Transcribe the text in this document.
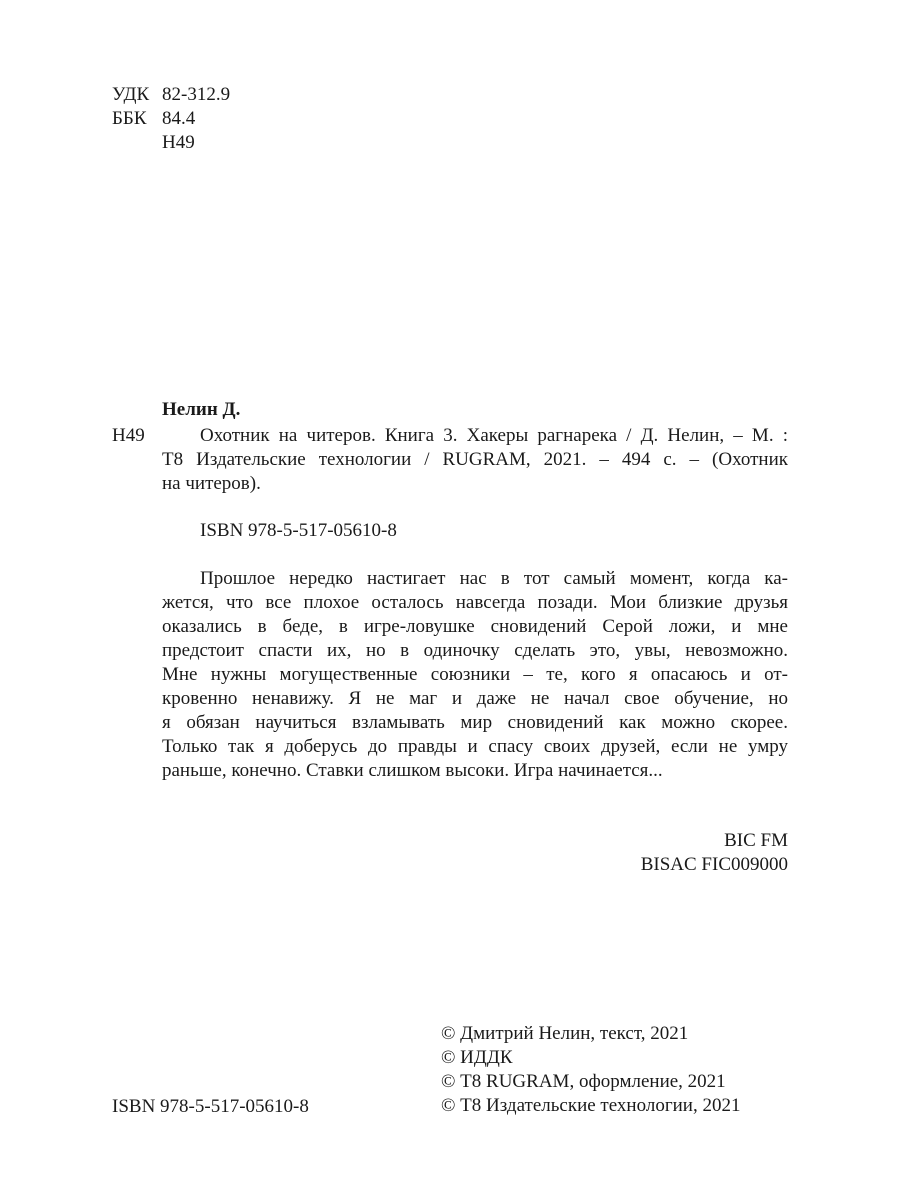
УДК 82-312.9
ББК 84.4
Н49
Нелин Д.
Н49	Охотник на читеров. Книга 3. Хакеры рагнарека / Д. Нелин, – М. :
Т8 Издательские технологии / RUGRAM, 2021. – 494 с. – (Охотник
на читеров).
ISBN 978-5-517-05610-8
Прошлое нередко настигает нас в тот самый момент, когда ка-
жется, что все плохое осталось навсегда позади. Мои близкие друзья
оказались в беде, в игре-ловушке сновидений Серой ложи, и мне
предстоит спасти их, но в одиночку сделать это, увы, невозможно.
Мне нужны могущественные союзники – те, кого я опасаюсь и от-
кровенно ненавижу. Я не маг и даже не начал свое обучение, но
я обязан научиться взламывать мир сновидений как можно скорее.
Только так я доберусь до правды и спасу своих друзей, если не умру
раньше, конечно. Ставки слишком высоки. Игра начинается...
BIC FM
BISAC FIC009000
ISBN 978-5-517-05610-8
© Дмитрий Нелин, текст, 2021
© ИДДК
© Т8 RUGRAM, оформление, 2021
© Т8 Издательские технологии, 2021
